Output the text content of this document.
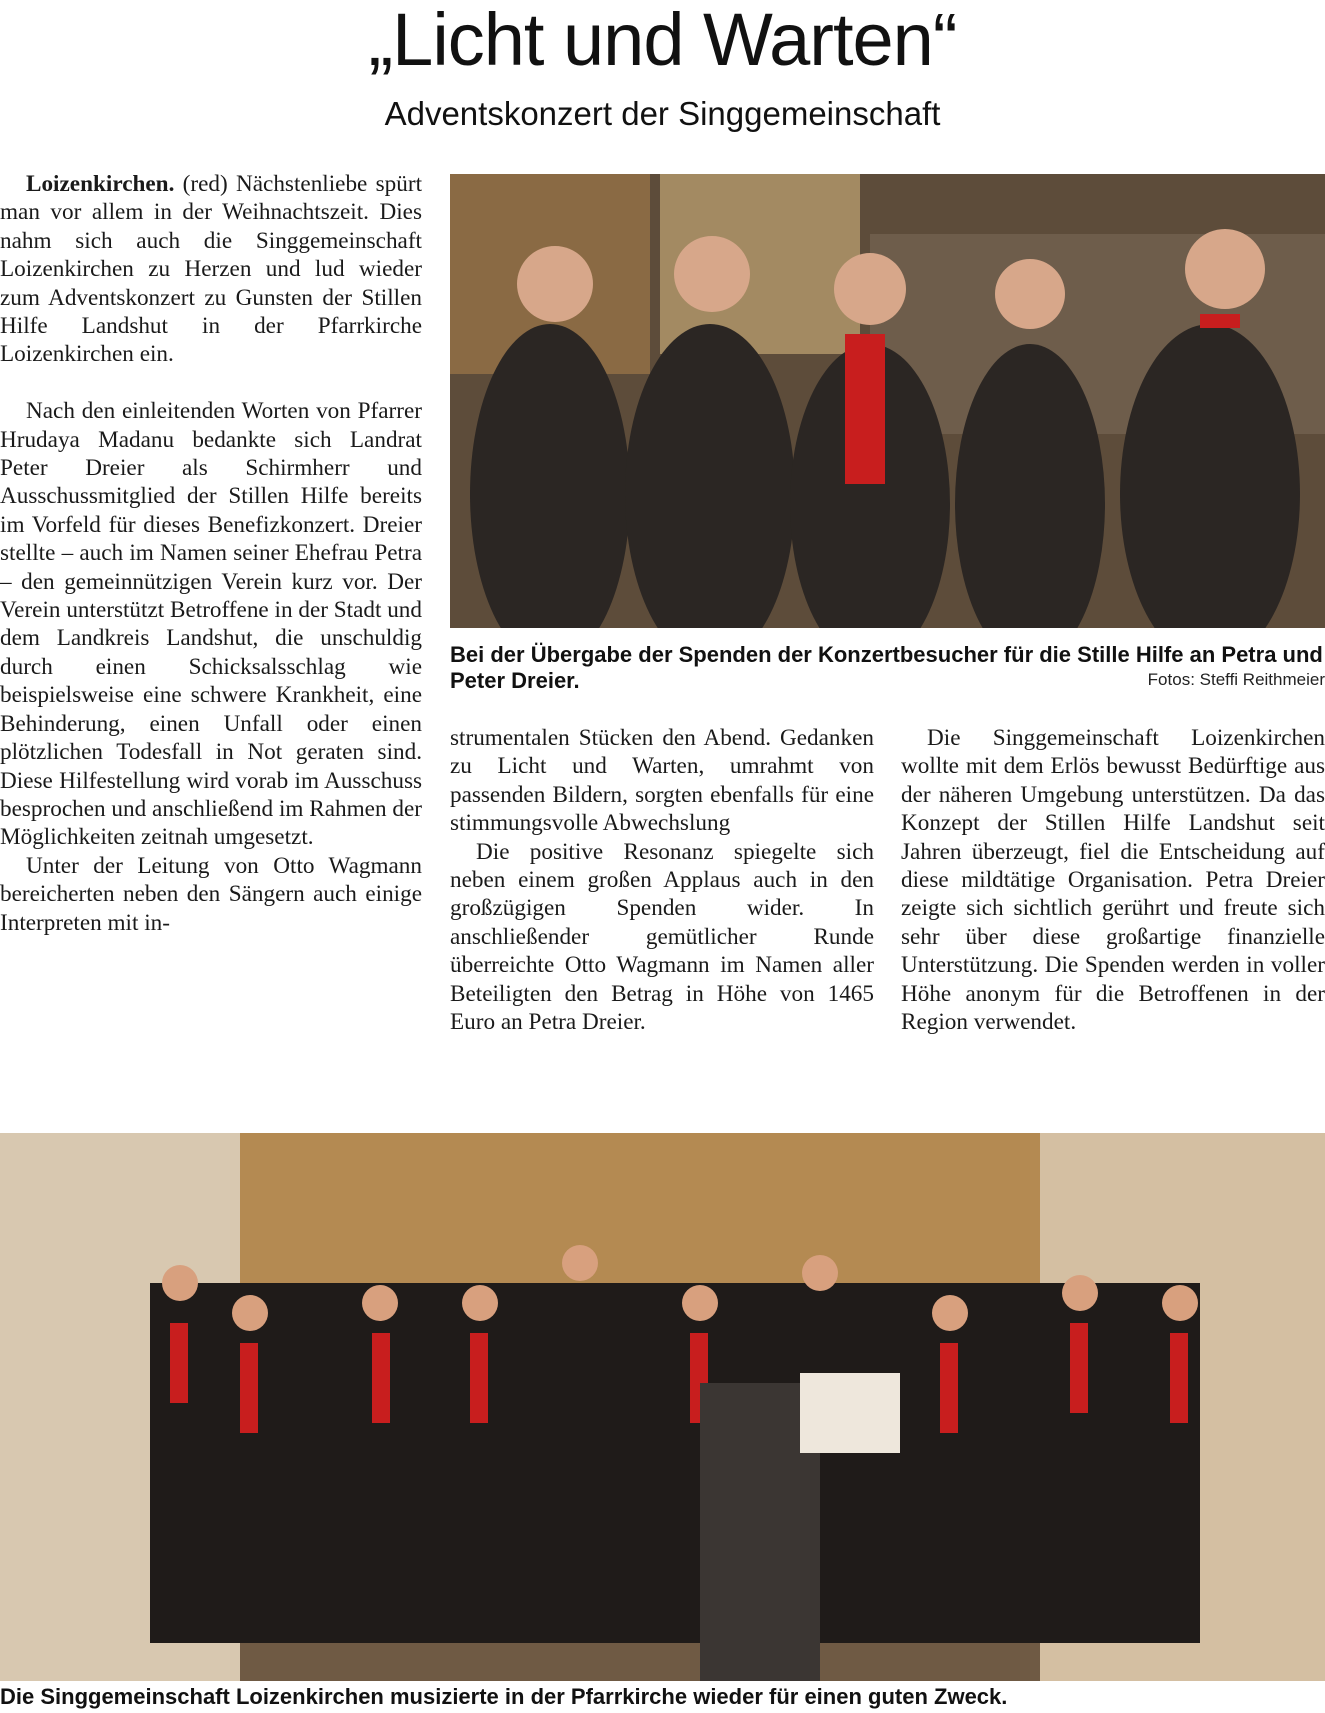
„Licht und Warten“
Adventskonzert der Singgemeinschaft

Loizenkirchen. (red) Nächstenliebe spürt man vor allem in der Weihnachtszeit. Dies nahm sich auch die Singgemeinschaft Loizenkirchen zu Herzen und lud wieder zum Adventskonzert zu Gunsten der Stillen Hilfe Landshut in der Pfarrkirche Loizenkirchen ein.

Nach den einleitenden Worten von Pfarrer Hrudaya Madanu bedankte sich Landrat Peter Dreier als Schirmherr und Ausschussmitglied der Stillen Hilfe bereits im Vorfeld für dieses Benefizkonzert. Dreier stellte – auch im Namen seiner Ehefrau Petra – den gemeinnützigen Verein kurz vor. Der Verein unterstützt Betroffene in der Stadt und dem Landkreis Landshut, die unschuldig durch einen Schicksalsschlag wie beispielsweise eine schwere Krankheit, eine Behinderung, einen Unfall oder einen plötzlichen Todesfall in Not geraten sind. Diese Hilfestellung wird vorab im Ausschuss besprochen und anschließend im Rahmen der Möglichkeiten zeitnah umgesetzt.

Unter der Leitung von Otto Wagmann bereicherten neben den Sängern auch einige Interpreten mit in-

Bei der Übergabe der Spenden der Konzertbesucher für die Stille Hilfe an Petra und Peter Dreier.	Fotos: Steffi Reithmeier

strumentalen Stücken den Abend. Gedanken zu Licht und Warten, umrahmt von passenden Bildern, sorgten ebenfalls für eine stimmungsvolle Abwechslung

Die positive Resonanz spiegelte sich neben einem großen Applaus auch in den großzügigen Spenden wider. In anschließender gemütlicher Runde überreichte Otto Wagmann im Namen aller Beteiligten den Betrag in Höhe von 1465 Euro an Petra Dreier.

Die Singgemeinschaft Loizenkirchen wollte mit dem Erlös bewusst Bedürftige aus der näheren Umgebung unterstützen. Da das Konzept der Stillen Hilfe Landshut seit Jahren überzeugt, fiel die Entscheidung auf diese mildtätige Organisation. Petra Dreier zeigte sich sichtlich gerührt und freute sich sehr über diese großartige finanzielle Unterstützung. Die Spenden werden in voller Höhe anonym für die Betroffenen in der Region verwendet.

Die Singgemeinschaft Loizenkirchen musizierte in der Pfarrkirche wieder für einen guten Zweck.
